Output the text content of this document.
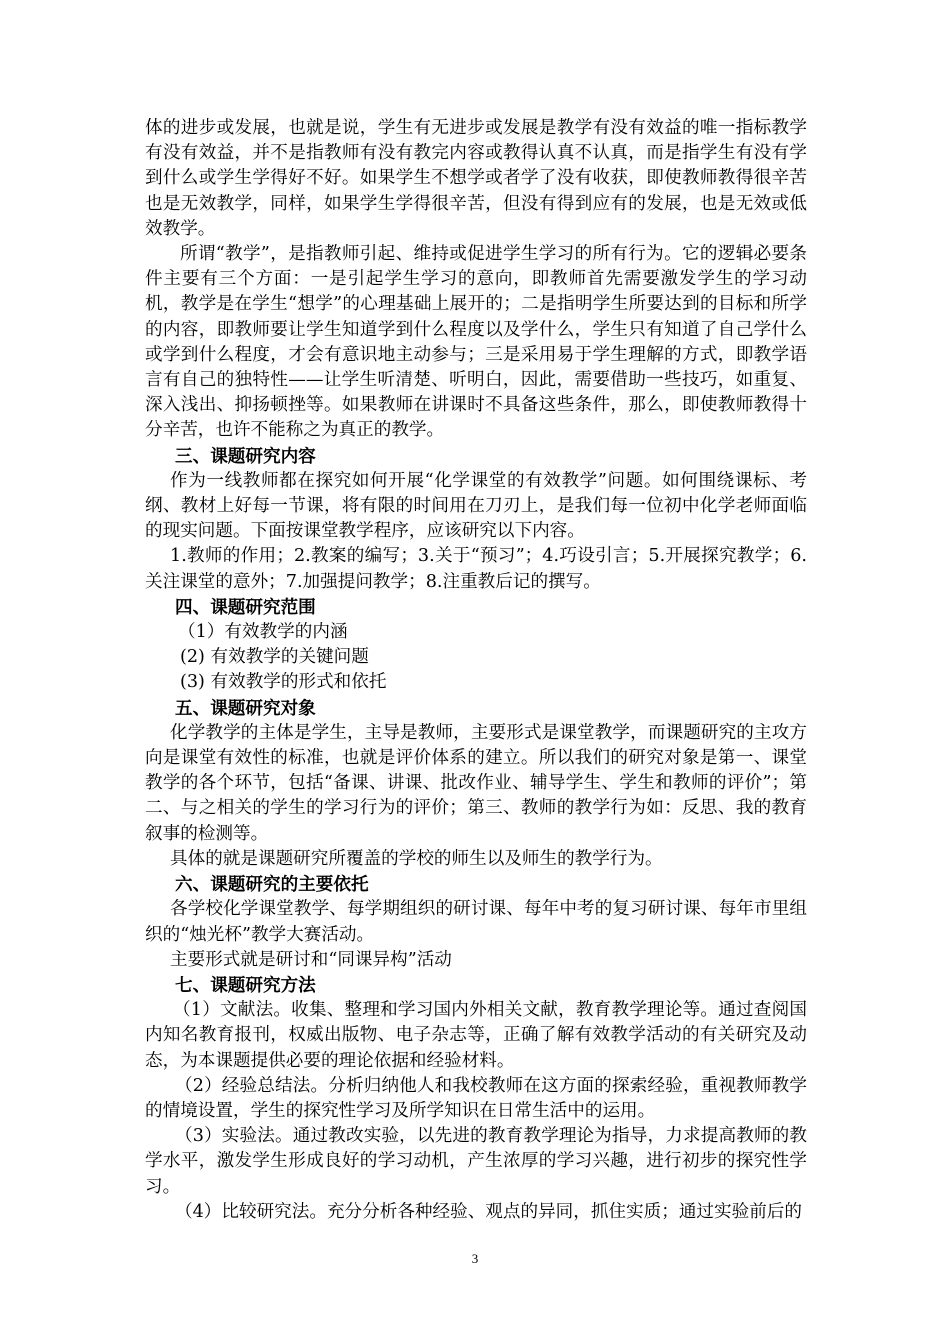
体的进步或发展，也就是说，学生有无进步或发展是教学有没有效益的唯一指标教学有没有效益，并不是指教师有没有教完内容或教得认真不认真，而是指学生有没有学到什么或学生学得好不好。如果学生不想学或者学了没有收获，即使教师教得很辛苦也是无效教学，同样，如果学生学得很辛苦，但没有得到应有的发展，也是无效或低效教学。

所谓“教学”，是指教师引起、维持或促进学生学习的所有行为。它的逻辑必要条件主要有三个方面：一是引起学生学习的意向，即教师首先需要激发学生的学习动机，教学是在学生“想学”的心理基础上展开的；二是指明学生所要达到的目标和所学的内容，即教师要让学生知道学到什么程度以及学什么，学生只有知道了自己学什么或学到什么程度，才会有意识地主动参与；三是采用易于学生理解的方式，即教学语言有自己的独特性——让学生听清楚、听明白，因此，需要借助一些技巧，如重复、深入浅出、抑扬顿挫等。如果教师在讲课时不具备这些条件，那么，即使教师教得十分辛苦，也许不能称之为真正的教学。

三、课题研究内容

作为一线教师都在探究如何开展“化学课堂的有效教学”问题。如何围绕课标、考纲、教材上好每一节课，将有限的时间用在刀刃上，是我们每一位初中化学老师面临的现实问题。下面按课堂教学程序，应该研究以下内容。

1.教师的作用；2.教案的编写；3.关于“预习”；4.巧设引言；5.开展探究教学；6.关注课堂的意外；7.加强提问教学；8.注重教后记的撰写。

四、课题研究范围

（1）有效教学的内涵

(2) 有效教学的关键问题

(3) 有效教学的形式和依托

五、课题研究对象

化学教学的主体是学生，主导是教师，主要形式是课堂教学，而课题研究的主攻方向是课堂有效性的标准，也就是评价体系的建立。所以我们的研究对象是第一、课堂教学的各个环节，包括“备课、讲课、批改作业、辅导学生、学生和教师的评价”；第二、与之相关的学生的学习行为的评价；第三、教师的教学行为如：反思、我的教育叙事的检测等。

具体的就是课题研究所覆盖的学校的师生以及师生的教学行为。

六、课题研究的主要依托

各学校化学课堂教学、每学期组织的研讨课、每年中考的复习研讨课、每年市里组织的“烛光杯”教学大赛活动。

主要形式就是研讨和“同课异构”活动

七、课题研究方法

（1）文献法。收集、整理和学习国内外相关文献，教育教学理论等。通过查阅国内知名教育报刊，权威出版物、电子杂志等，正确了解有效教学活动的有关研究及动态，为本课题提供必要的理论依据和经验材料。

（2）经验总结法。分析归纳他人和我校教师在这方面的探索经验，重视教师教学的情境设置，学生的探究性学习及所学知识在日常生活中的运用。

（3）实验法。通过教改实验，以先进的教育教学理论为指导，力求提高教师的教学水平，激发学生形成良好的学习动机，产生浓厚的学习兴趣，进行初步的探究性学习。

（4）比较研究法。充分分析各种经验、观点的异同，抓住实质；通过实验前后的

3
